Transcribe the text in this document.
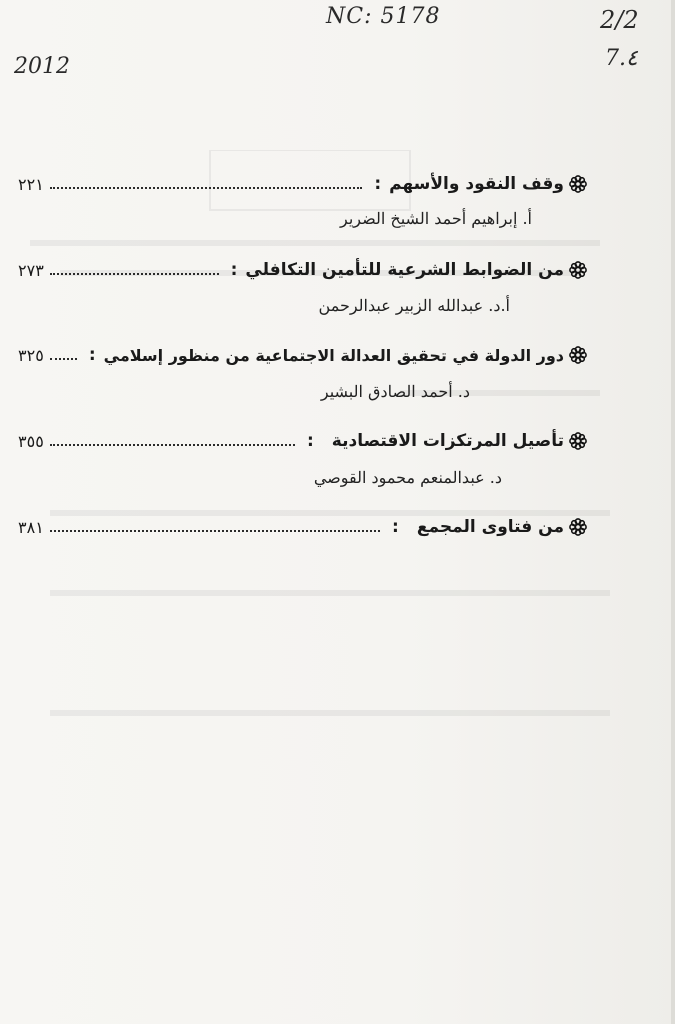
NC: 5178	2/2
7.٤
2012
وقف النقود والأسهم
:
٢٢١
أ. إبراهيم أحمد الشيخ الضرير
من الضوابط الشرعية للتأمين التكافلي
:
٢٧٣
أ.د. عبدالله الزبير عبدالرحمن
دور الدولة في تحقيق العدالة الاجتماعية من منظور إسلامي
:
٣٢٥
د. أحمد الصادق البشير
تأصيل المرتكزات الاقتصادية
:
٣٥٥
د. عبدالمنعم محمود القوصي
من فتاوى المجمع
:
٣٨١
